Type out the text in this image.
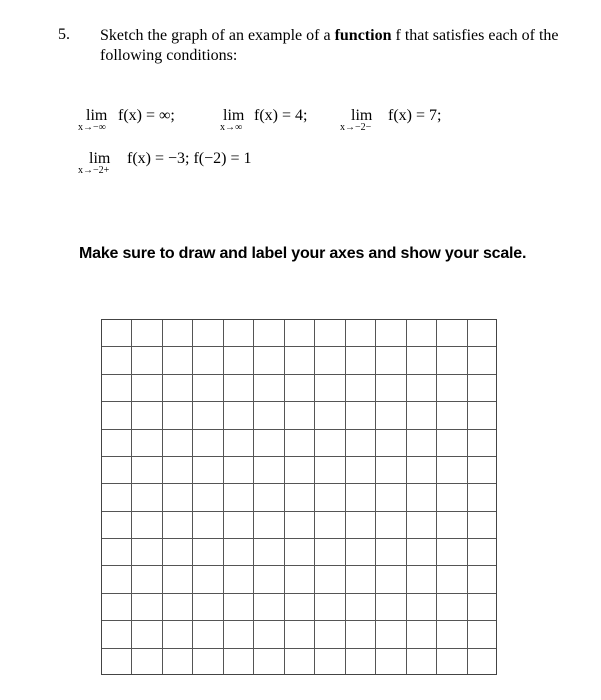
5. Sketch the graph of an example of a function f that satisfies each of the following conditions:
lim
x→−∞
f(x) = ∞;	lim
x→∞
f(x) = 4;	lim
x→−2−
f(x) = 7;
lim
x→−2+
f(x) = −3; f(−2) = 1
Make sure to draw and label your axes and show your scale.
